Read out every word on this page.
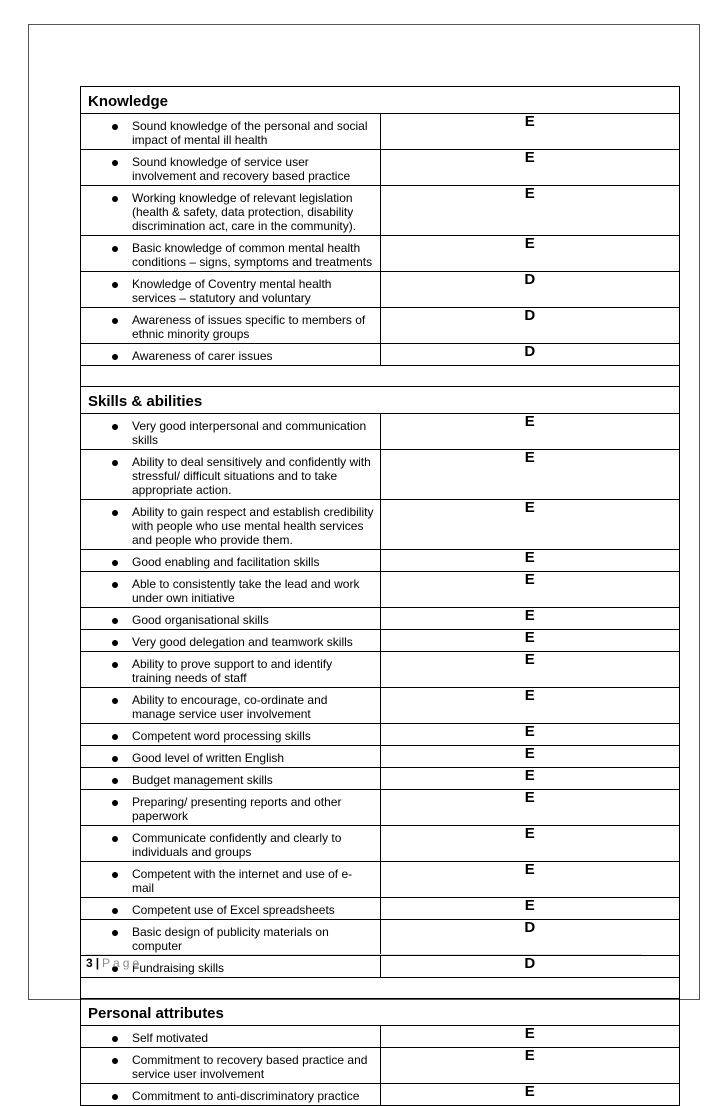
Knowledge	

Sound knowledge of the personal and social impact of mental ill health	E

Sound knowledge of service user involvement and recovery based practice	E

Working knowledge of relevant legislation (health & safety, data protection, disability discrimination act, care in the community).	E

Basic knowledge of common mental health conditions – signs, symptoms and treatments	E

Knowledge of Coventry mental health services – statutory and voluntary	D

Awareness of issues specific to members of ethnic minority groups	D

Awareness of carer issues	D

Skills & abilities	

Very good interpersonal and communication skills	E

Ability to deal sensitively and confidently with stressful/ difficult situations and to take appropriate action.	E

Ability to gain respect and establish credibility with people who use mental health services and people who provide them.	E

Good enabling and facilitation skills	E

Able to consistently take the lead and work under own initiative	E

Good organisational skills	E

Very good delegation and teamwork skills	E

Ability to prove support to and identify training needs of staff	E

Ability to encourage, co-ordinate and manage service user involvement	E

Competent word processing skills	E

Good level of written English	E

Budget management skills	E

Preparing/ presenting reports and other paperwork	E

Communicate confidently and clearly to individuals and groups	E

Competent with the internet and use of e-mail	E

Competent use of Excel spreadsheets	E

Basic design of publicity materials on computer	D

Fundraising skills	D

Personal attributes	

Self motivated	E

Commitment to recovery based practice and service user involvement	E

Commitment to anti-discriminatory practice	E
3 | Page
